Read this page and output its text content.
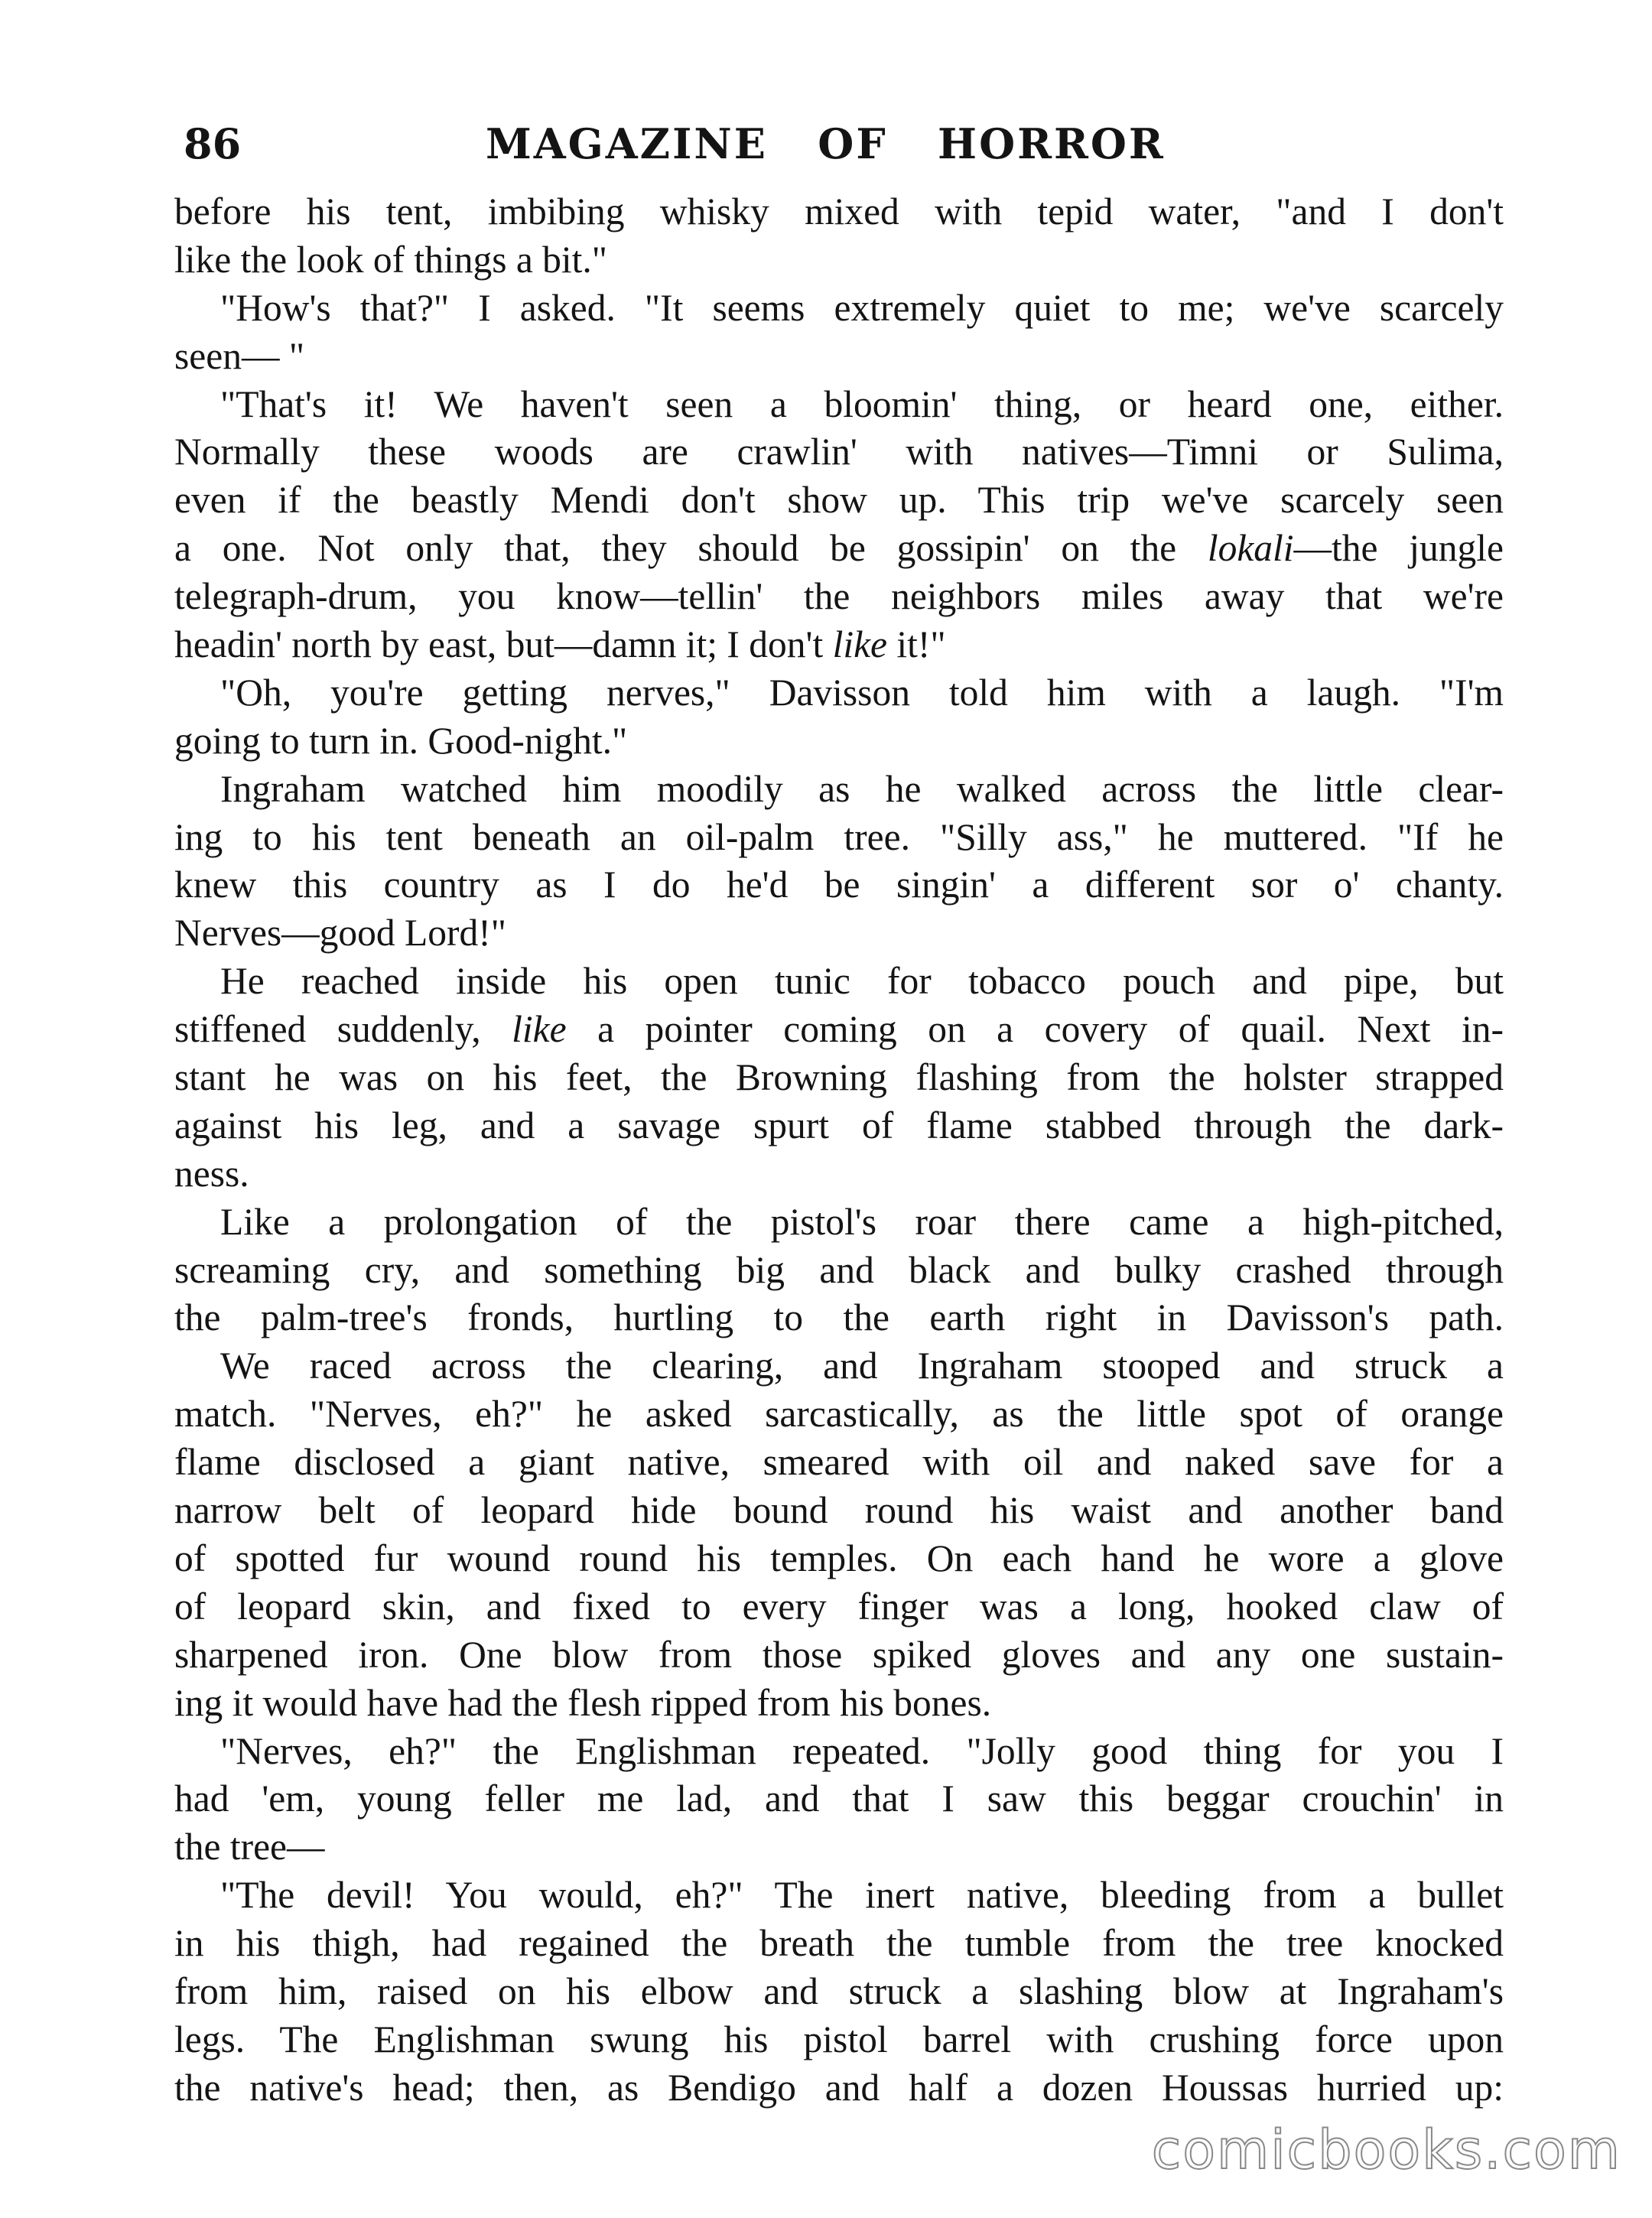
86	MAGAZINE   OF   HORROR
before his tent, imbibing whisky mixed with tepid water, "and I don't
like the look of things a bit."
"How's that?" I asked. "It seems extremely quiet to me; we've scarcely
seen— "
"That's it! We haven't seen a bloomin' thing, or heard one, either.
Normally these woods are crawlin' with natives—Timni or Sulima,
even if the beastly Mendi don't show up. This trip we've scarcely seen
a one. Not only that, they should be gossipin' on the lokali—the jungle
telegraph-drum, you know—tellin' the neighbors miles away that we're
headin' north by east, but—damn it; I don't like it!"
"Oh, you're getting nerves," Davisson told him with a laugh. "I'm
going to turn in. Good-night."
Ingraham watched him moodily as he walked across the little clear-
ing to his tent beneath an oil-palm tree. "Silly ass," he muttered. "If he
knew this country as I do he'd be singin' a different sor o' chanty.
Nerves—good Lord!"
He reached inside his open tunic for tobacco pouch and pipe, but
stiffened suddenly, like a pointer coming on a covery of quail. Next in-
stant he was on his feet, the Browning flashing from the holster strapped
against his leg, and a savage spurt of flame stabbed through the dark-
ness.
Like a prolongation of the pistol's roar there came a high-pitched,
screaming cry, and something big and black and bulky crashed through
the palm-tree's fronds, hurtling to the earth right in Davisson's path.
We raced across the clearing, and Ingraham stooped and struck a
match. "Nerves, eh?" he asked sarcastically, as the little spot of orange
flame disclosed a giant native, smeared with oil and naked save for a
narrow belt of leopard hide bound round his waist and another band
of spotted fur wound round his temples. On each hand he wore a glove
of leopard skin, and fixed to every finger was a long, hooked claw of
sharpened iron. One blow from those spiked gloves and any one sustain-
ing it would have had the flesh ripped from his bones.
"Nerves, eh?" the Englishman repeated. "Jolly good thing for you I
had 'em, young feller me lad, and that I saw this beggar crouchin' in
the tree—
"The devil! You would, eh?" The inert native, bleeding from a bullet
in his thigh, had regained the breath the tumble from the tree knocked
from him, raised on his elbow and struck a slashing blow at Ingraham's
legs. The Englishman swung his pistol barrel with crushing force upon
the native's head; then, as Bendigo and half a dozen Houssas hurried up:
comicbooks.com
